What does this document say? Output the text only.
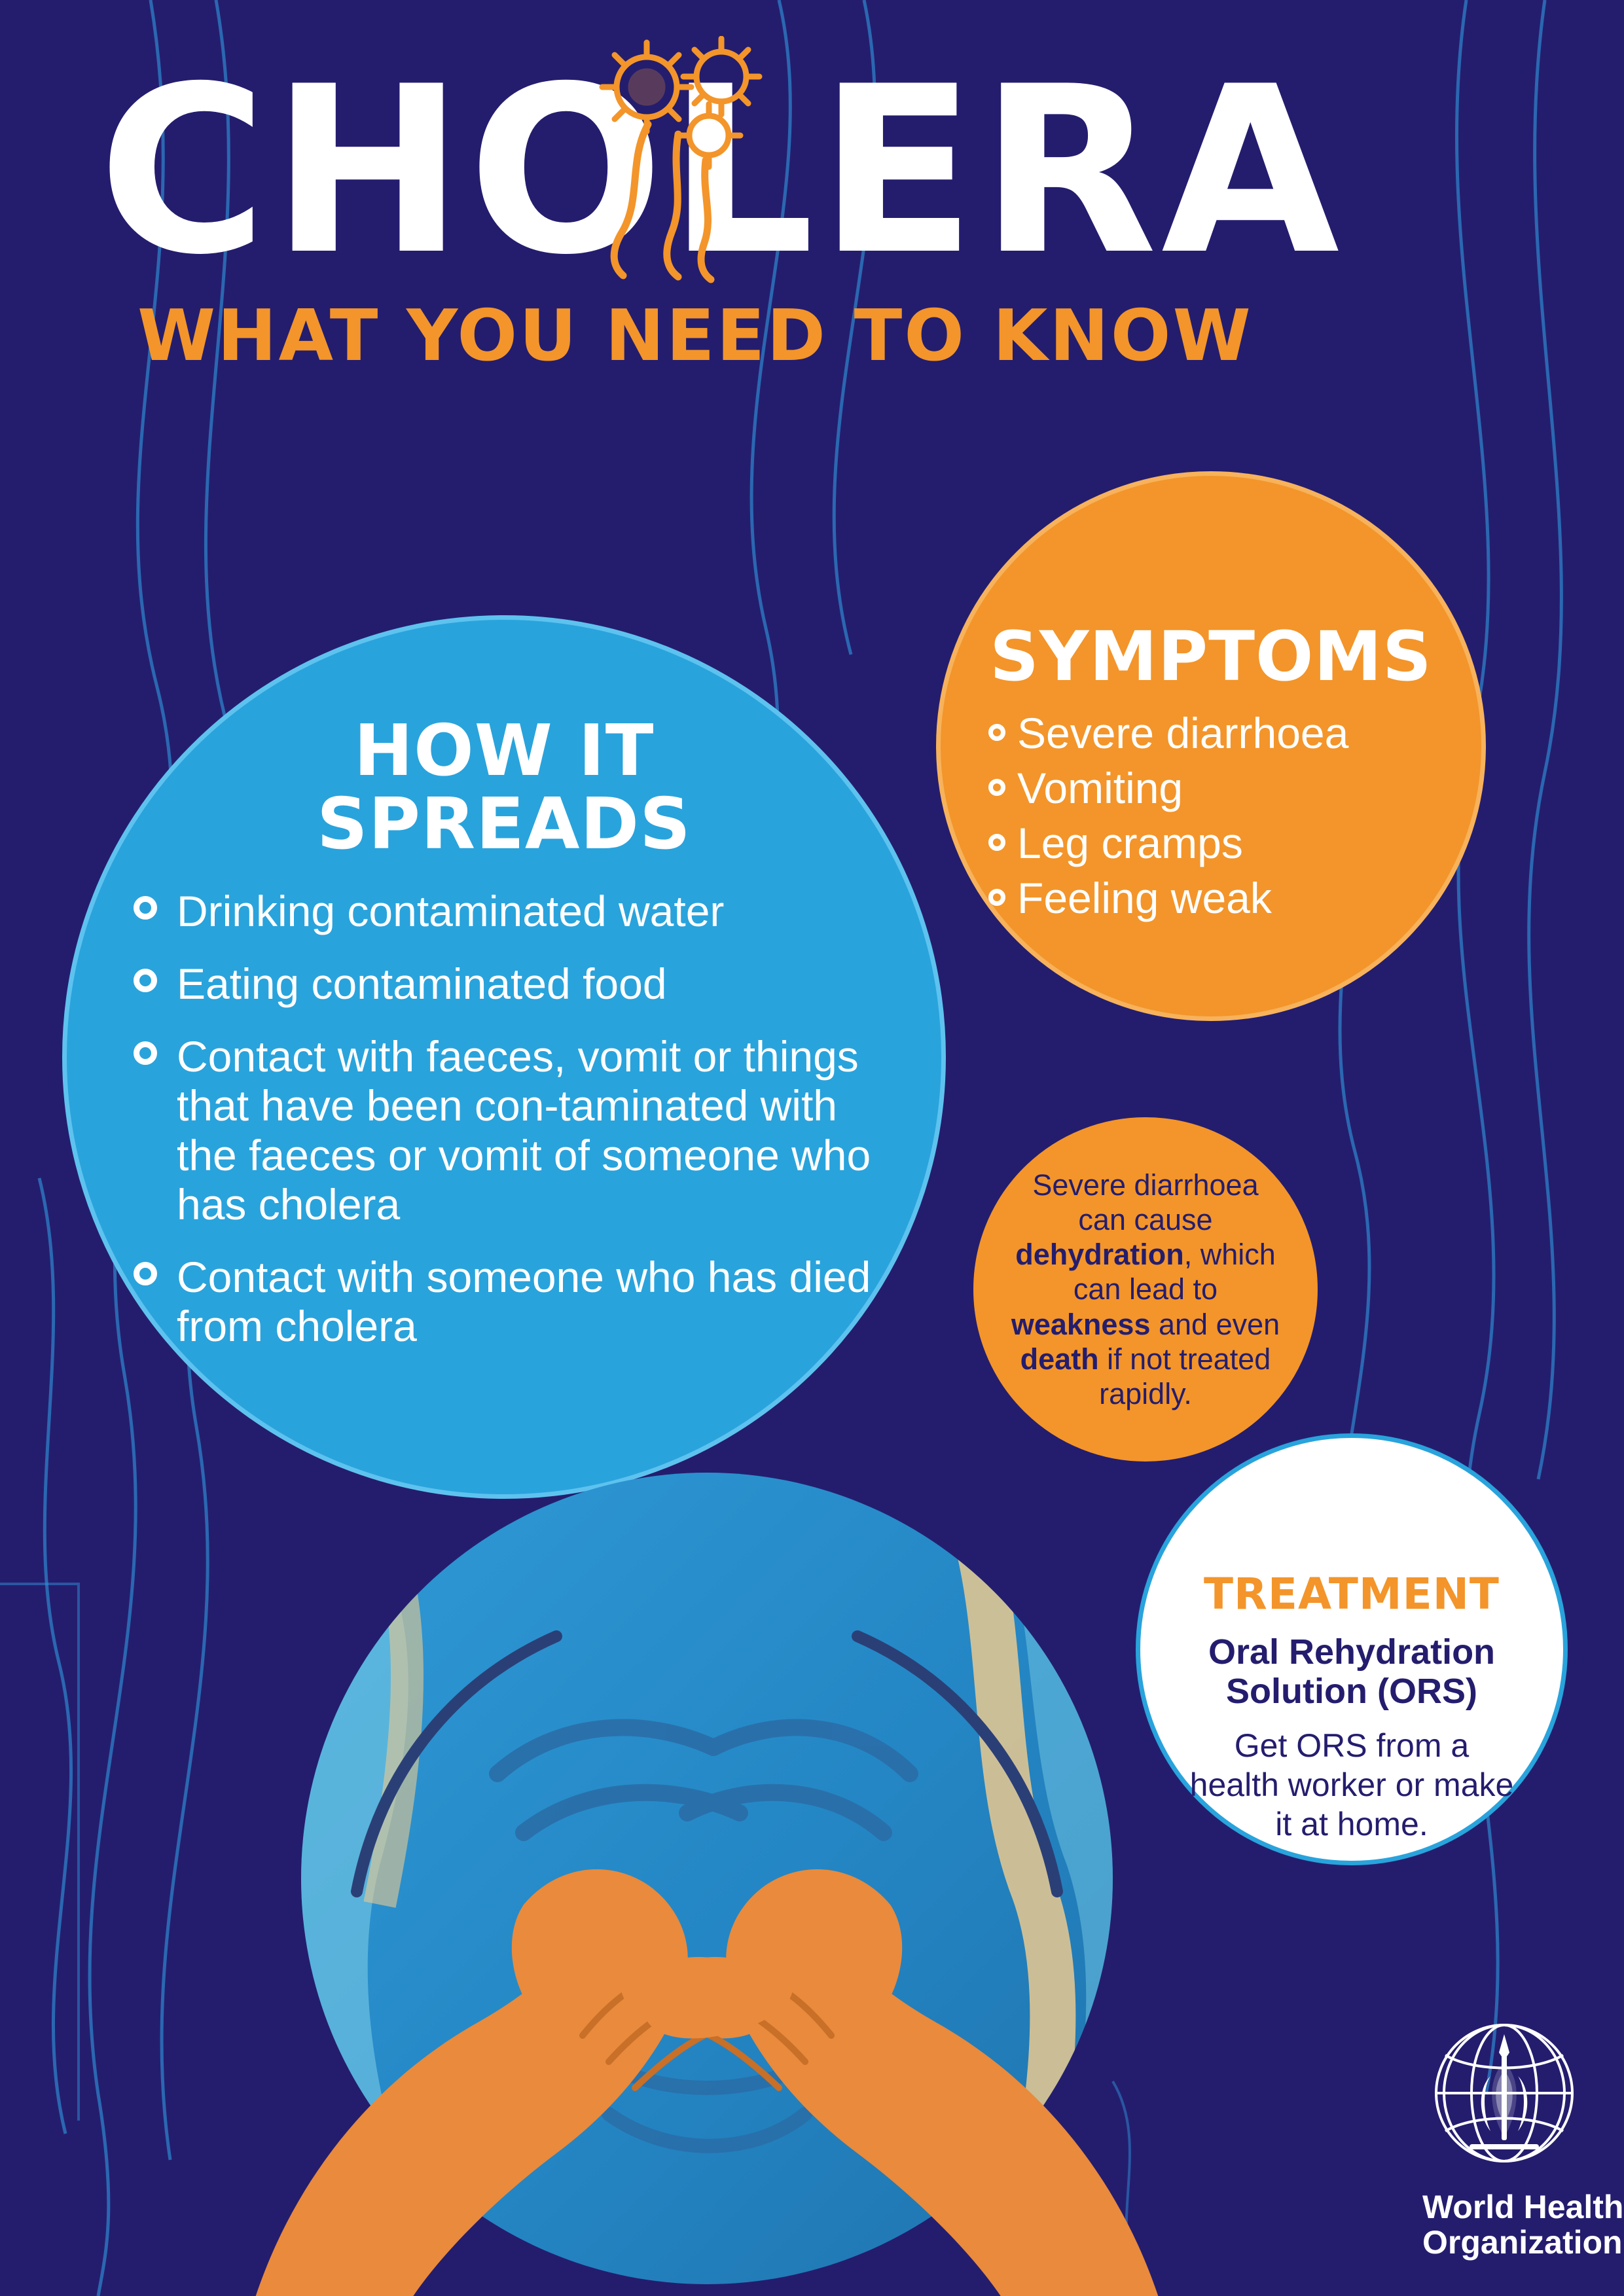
CHOLERA
WHAT YOU NEED TO KNOW
HOW IT
SPREADS
Drinking contaminated water
Eating contaminated food
Contact with faeces, vomit or things that have been con-taminated with the faeces or vomit of someone who has cholera
Contact with someone who has died from cholera
SYMPTOMS
Severe diarrhoea
Vomiting
Leg cramps
Feeling weak
Severe diarrhoea can cause dehydration, which can lead to weakness and even death if not treated rapidly.
TREATMENT
Oral Rehydration
Solution (ORS)
Get ORS from a health worker or make it at home.
World Health
Organization
